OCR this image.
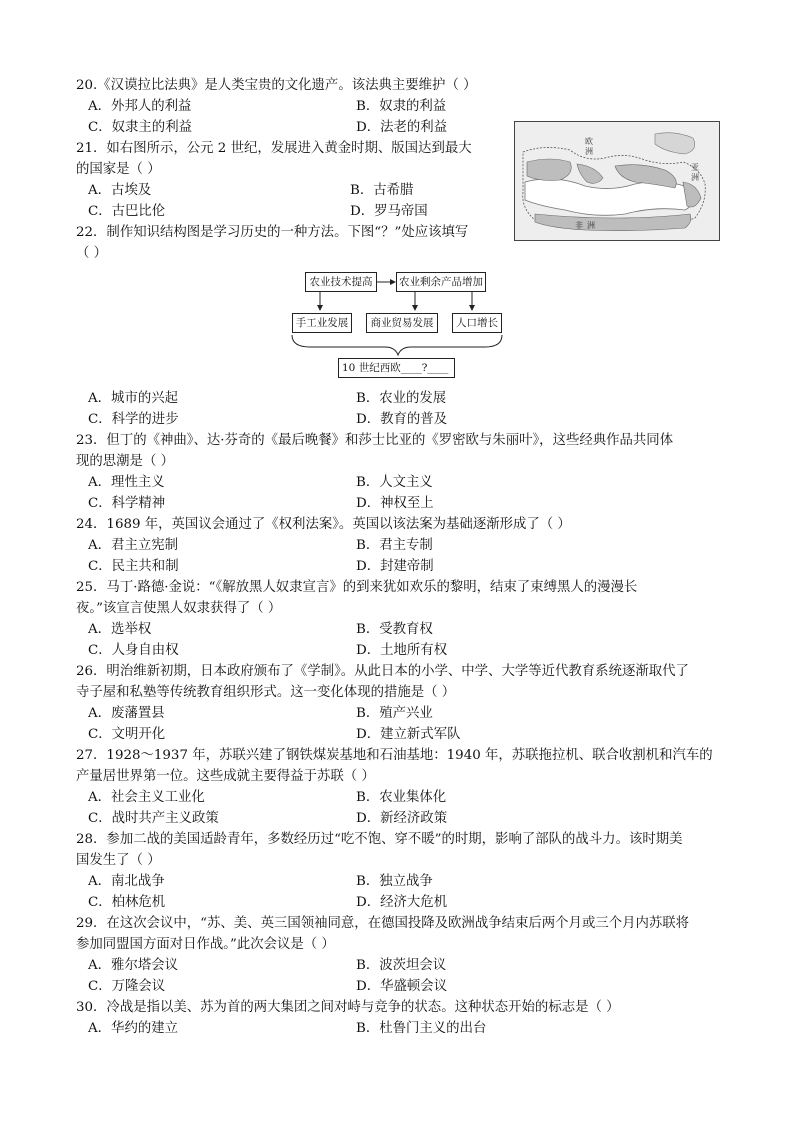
20.《汉谟拉比法典》是人类宝贵的文化遗产。该法典主要维护（ ）
A．外邦人的利益	B．奴隶的利益
C．奴隶主的利益	D．法老的利益
欧
洲
非 洲
亚
洲
21．如右图所示，公元 2 世纪，发展进入黄金时期、版国达到最大
的国家是（ ）
A．古埃及	B．古希腊
C．古巴比伦	D．罗马帝国
22．制作知识结构图是学习历史的一种方法。下图“？”处应该填写
（ ）
农业技术提高	农业剩余产品增加
手工业发展	商业贸易发展	人口增长
10 世纪西欧____?____
A．城市的兴起	B．农业的发展
C．科学的进步	D．教育的普及
23．但丁的《神曲》、达·芬奇的《最后晚餐》和莎士比亚的《罗密欧与朱丽叶》，这些经典作品共同体
现的思潮是（ ）
A．理性主义	B．人文主义
C．科学精神	D．神权至上
24．1689 年，英国议会通过了《权利法案》。英国以该法案为基础逐渐形成了（ ）
A．君主立宪制	B．君主专制
C．民主共和制	D．封建帝制
25．马丁·路德·金说：“《解放黑人奴隶宣言》的到来犹如欢乐的黎明，结束了束缚黑人的漫漫长
夜。”该宣言使黑人奴隶获得了（ ）
A．选举权	B．受教育权
C．人身自由权	D．土地所有权
26．明治维新初期，日本政府颁布了《学制》。从此日本的小学、中学、大学等近代教育系统逐渐取代了
寺子屋和私塾等传统教育组织形式。这一变化体现的措施是（ ）
A．废藩置县	B．殖产兴业
C．文明开化	D．建立新式军队
27．1928～1937 年，苏联兴建了钢铁煤炭基地和石油基地：1940 年，苏联拖拉机、联合收割机和汽车的
产量居世界第一位。这些成就主要得益于苏联（ ）
A．社会主义工业化	B．农业集体化
C．战时共产主义政策	D．新经济政策
28．参加二战的美国适龄青年，多数经历过“吃不饱、穿不暖”的时期，影响了部队的战斗力。该时期美
国发生了（ ）
A．南北战争	B．独立战争
C．柏林危机	D．经济大危机
29．在这次会议中，“苏、美、英三国领袖同意，在德国投降及欧洲战争结束后两个月或三个月内苏联将
参加同盟国方面对日作战。”此次会议是（ ）
A．雅尔塔会议	B．波茨坦会议
C．万隆会议	D．华盛顿会议
30．冷战是指以美、苏为首的两大集团之间对峙与竞争的状态。这种状态开始的标志是（ ）
A．华约的建立	B．杜鲁门主义的出台
